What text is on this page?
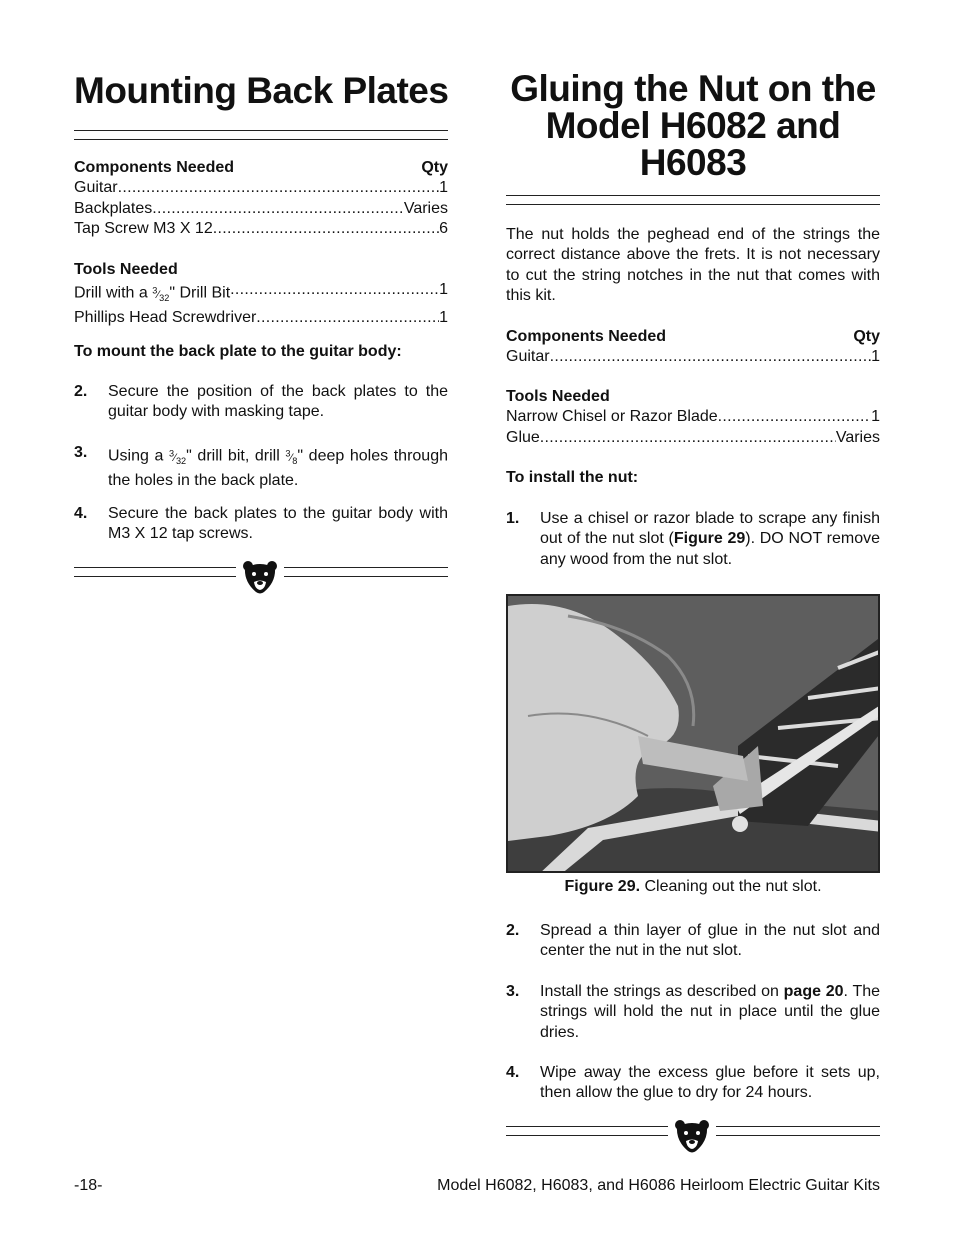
Mounting Back Plates
Components Needed	Qty
Guitar .....	1
Backplates .....	Varies
Tap Screw M3 X 12 .....	6
Tools Needed
Drill with a $^3⁄_{32}$" Drill Bit .....	1
Phillips Head Screwdriver .....	1
To mount the back plate to the guitar body:
2.	Secure the position of the back plates to the guitar body with masking tape.
3.	Using a $^3⁄_{32}$" drill bit, drill $^3⁄_8$" deep holes through the holes in the back plate.
4.	Secure the back plates to the guitar body with M3 X 12 tap screws.
Gluing the Nut on the Model H6082 and H6083
The nut holds the peghead end of the strings the correct distance above the frets. It is not necessary to cut the string notches in the nut that comes with this kit.
Components Needed	Qty
Guitar .....	1
Tools Needed
Narrow Chisel or Razor Blade .....	1
Glue .....	Varies
To install the nut:
1.	Use a chisel or razor blade to scrape any finish out of the nut slot (Figure 29). DO NOT remove any wood from the nut slot.
Figure 29. Cleaning out the nut slot.
2.	Spread a thin layer of glue in the nut slot and center the nut in the nut slot.
3.	Install the strings as described on page 20. The strings will hold the nut in place until the glue dries.
4.	Wipe away the excess glue before it sets up, then allow the glue to dry for 24 hours.
-18-	Model H6082, H6083, and H6086 Heirloom Electric Guitar Kits
